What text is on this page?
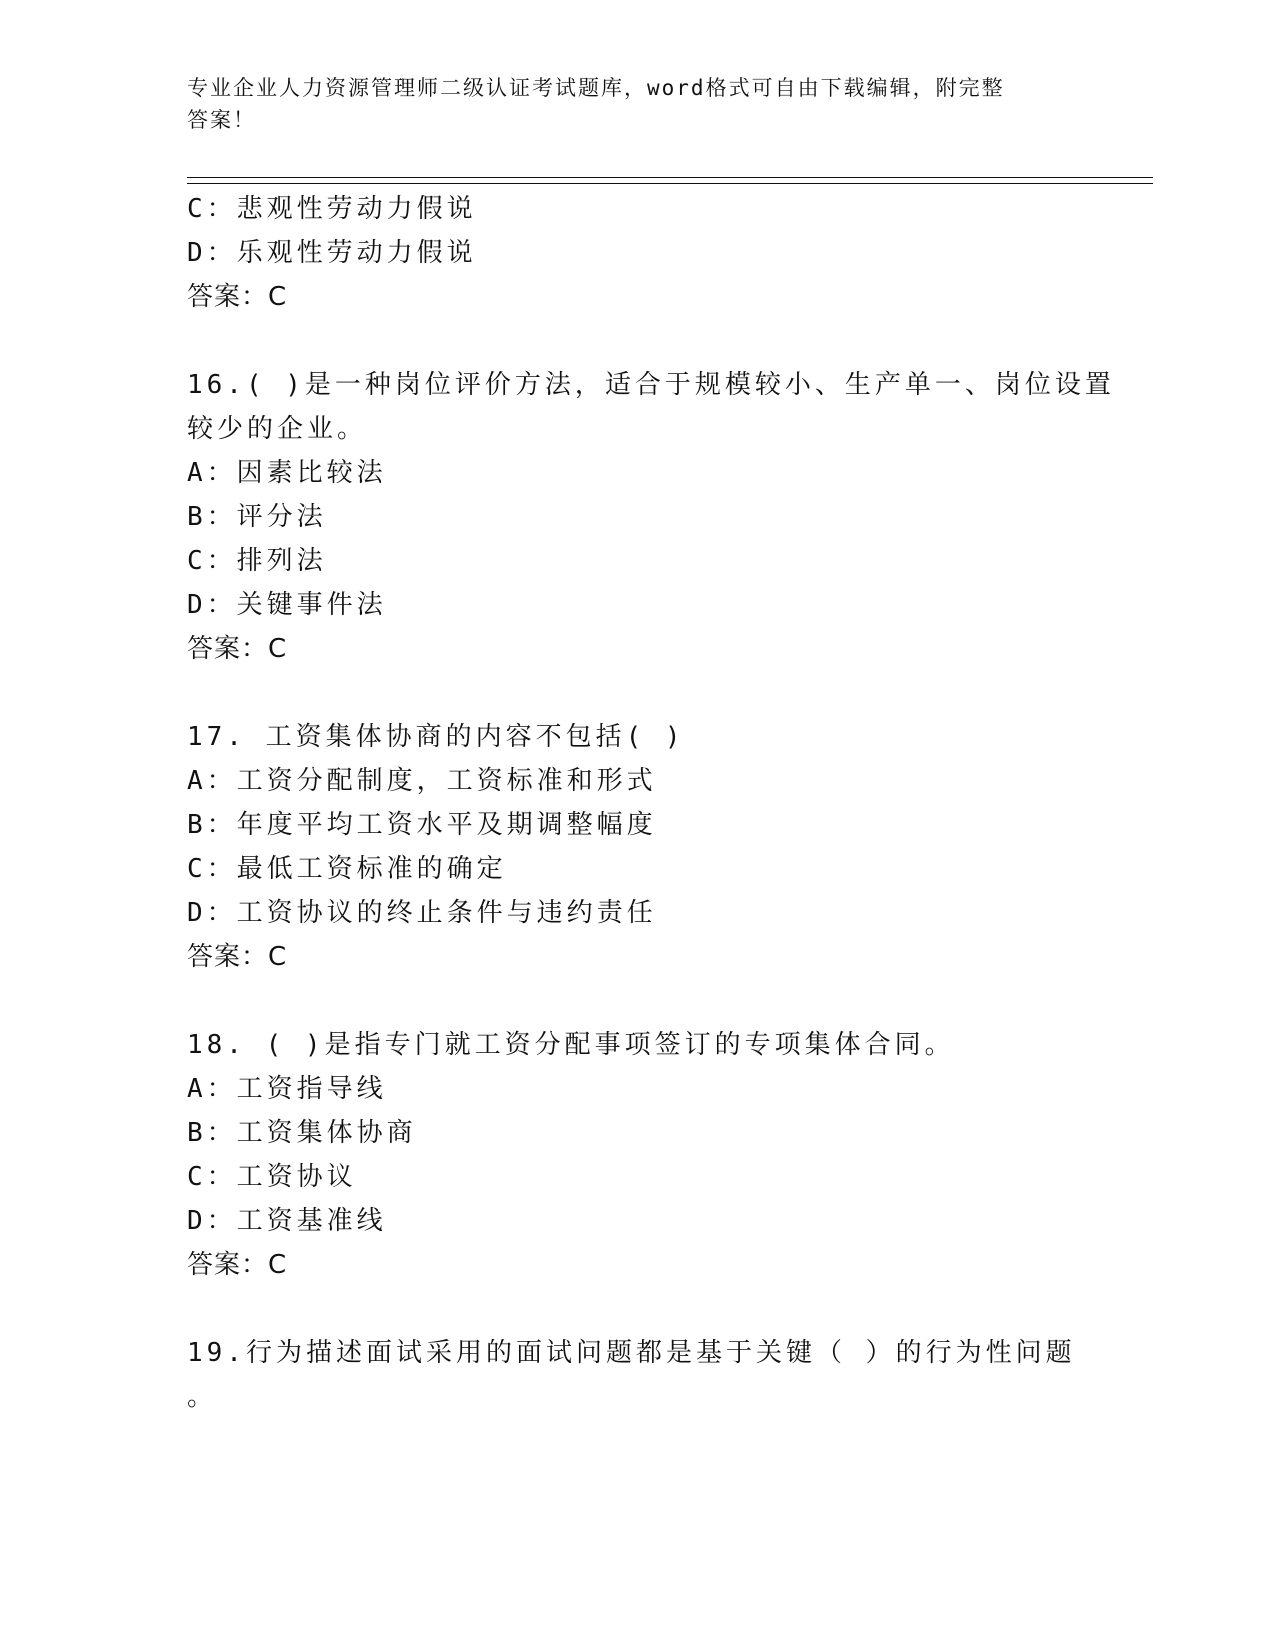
专业企业人力资源管理师二级认证考试题库，word格式可自由下载编辑，附完整
答案！
C：悲观性劳动力假说
D：乐观性劳动力假说
答案：C
16.( )是一种岗位评价方法，适合于规模较小、生产单一、岗位设置
较少的企业。
A：因素比较法
B：评分法
C：排列法
D：关键事件法
答案：C
17. 工资集体协商的内容不包括( )
A：工资分配制度，工资标准和形式
B：年度平均工资水平及期调整幅度
C：最低工资标准的确定
D：工资协议的终止条件与违约责任
答案：C
18. ( )是指专门就工资分配事项签订的专项集体合同。
A：工资指导线
B：工资集体协商
C：工资协议
D：工资基准线
答案：C
19.行为描述面试采用的面试问题都是基于关键（ ）的行为性问题
。
